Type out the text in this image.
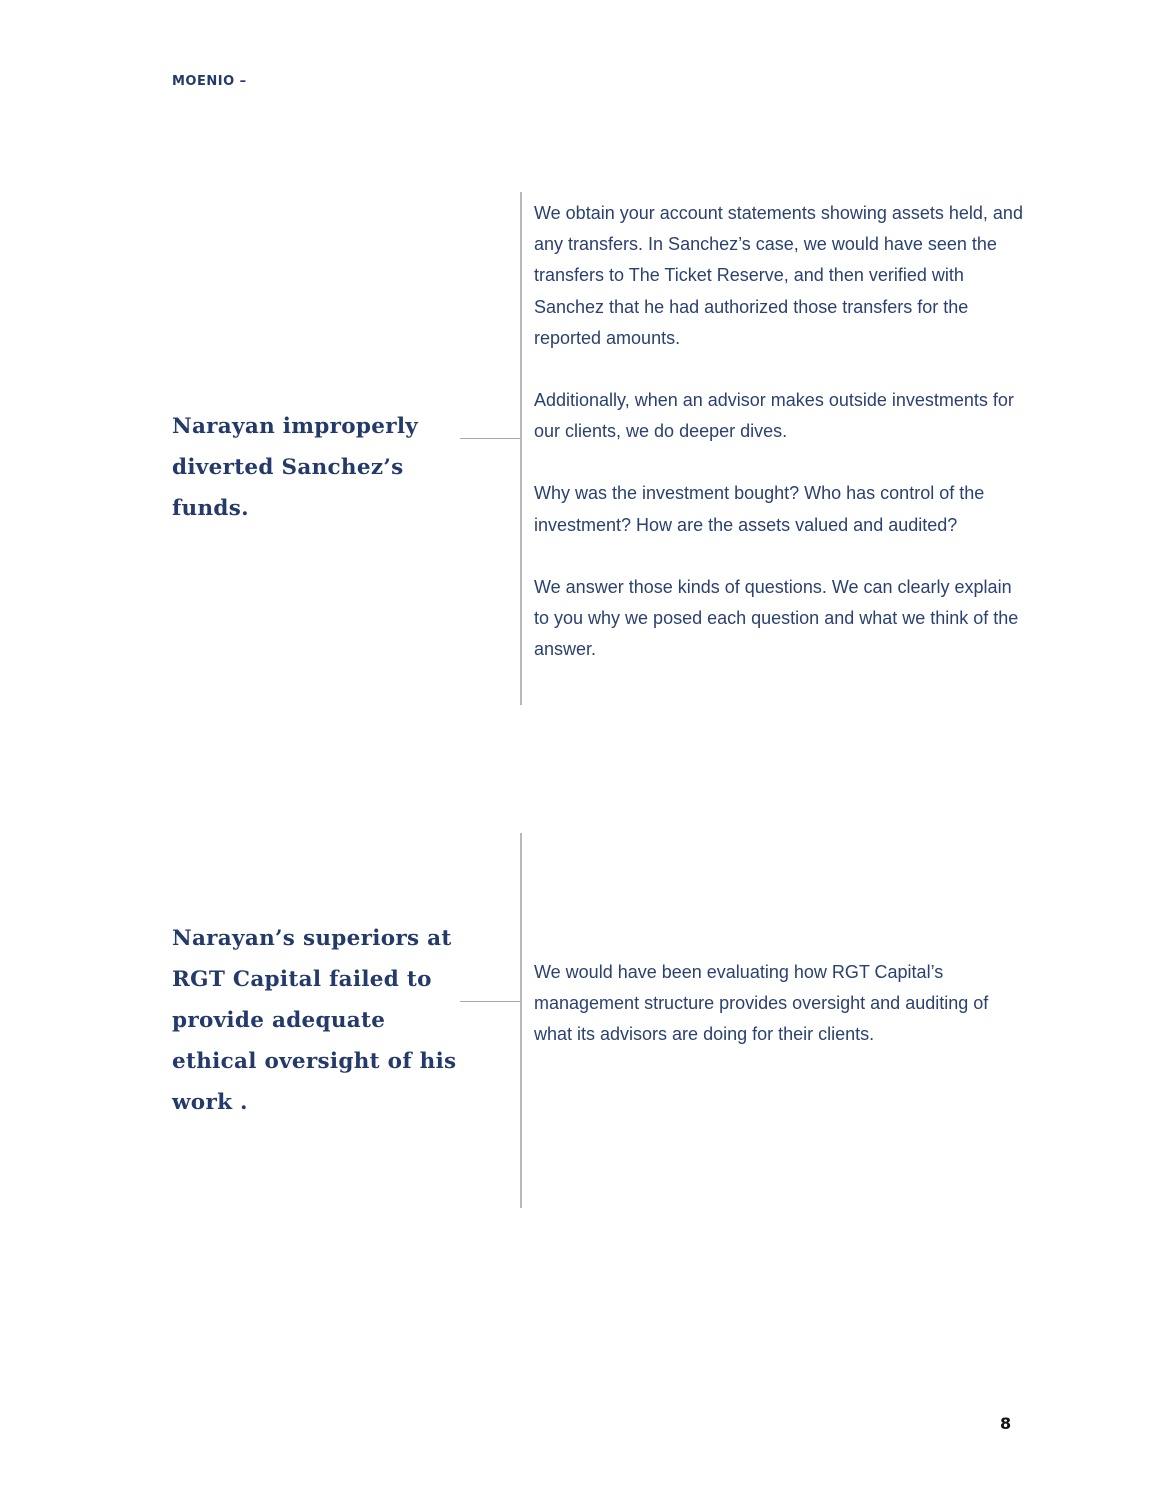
MOENIO –
Narayan improperly diverted Sanchez’s funds.

We obtain your account statements showing assets held, and any transfers. In Sanchez’s case, we would have seen the transfers to The Ticket Reserve, and then verified with Sanchez that he had authorized those transfers for the reported amounts.

Additionally, when an advisor makes outside investments for our clients, we do deeper dives.

Why was the investment bought? Who has control of the investment? How are the assets valued and audited?

We answer those kinds of questions. We can clearly explain to you why we posed each question and what we think of the answer.

Narayan’s superiors at RGT Capital failed to provide adequate ethical oversight of his work .

We would have been evaluating how RGT Capital’s management structure provides oversight and auditing of what its advisors are doing for their clients.

8
